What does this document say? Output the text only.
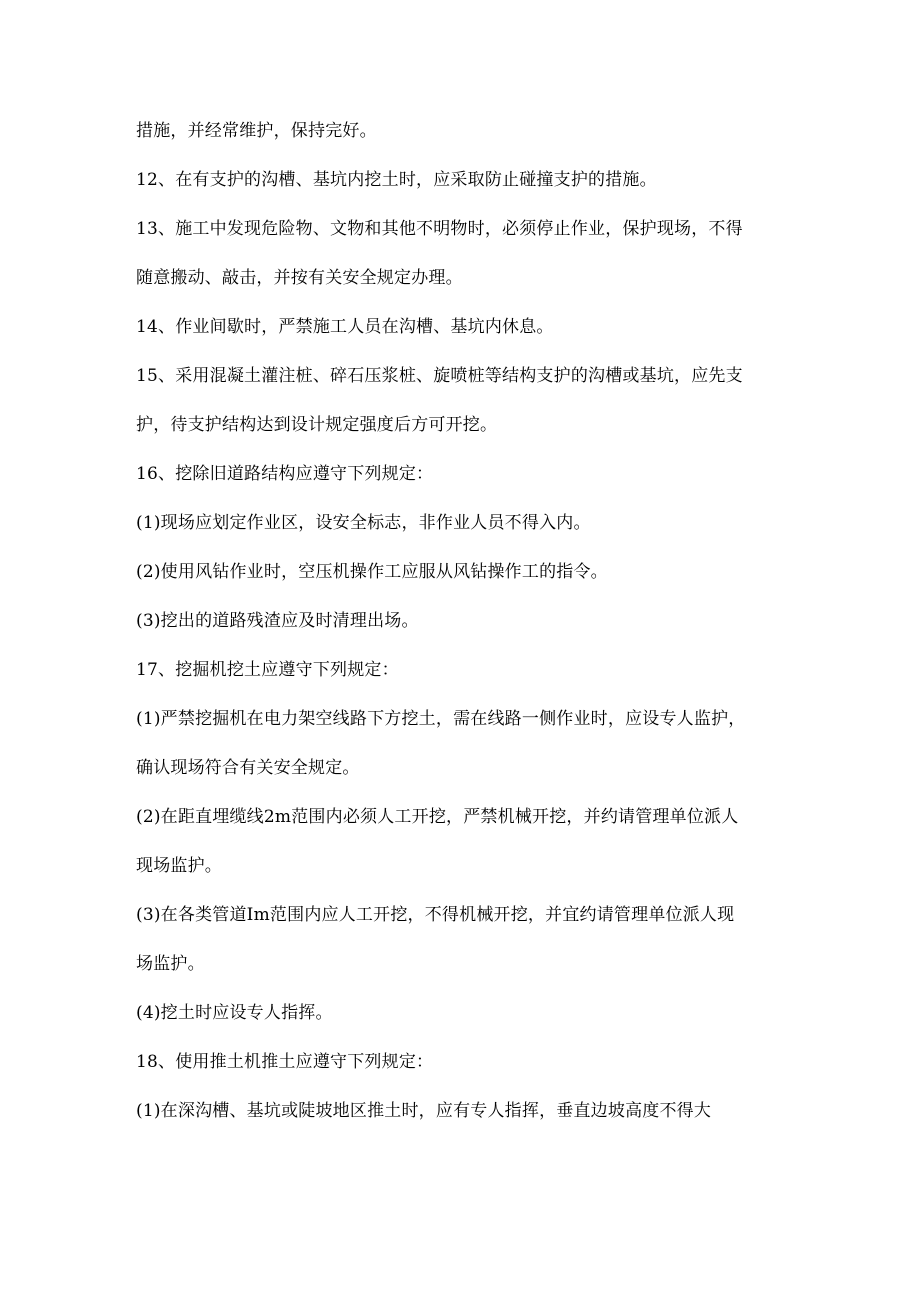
措施，并经常维护，保持完好。
12、在有支护的沟槽、基坑内挖土时，应采取防止碰撞支护的措施。
13、施工中发现危险物、文物和其他不明物时，必须停止作业，保护现场，不得
随意搬动、敲击，并按有关安全规定办理。
14、作业间歇时，严禁施工人员在沟槽、基坑内休息。
15、采用混凝土灌注桩、碎石压浆桩、旋喷桩等结构支护的沟槽或基坑，应先支
护，待支护结构达到设计规定强度后方可开挖。
16、挖除旧道路结构应遵守下列规定：
(1)现场应划定作业区，设安全标志，非作业人员不得入内。
(2)使用风钻作业时，空压机操作工应服从风钻操作工的指令。
(3)挖出的道路残渣应及时清理出场。
17、挖掘机挖土应遵守下列规定：
(1)严禁挖掘机在电力架空线路下方挖土，需在线路一侧作业时，应设专人监护，
确认现场符合有关安全规定。
(2)在距直埋缆线2m范围内必须人工开挖，严禁机械开挖，并约请管理单位派人
现场监护。
(3)在各类管道Im范围内应人工开挖，不得机械开挖，并宜约请管理单位派人现
场监护。
(4)挖土时应设专人指挥。
18、使用推土机推土应遵守下列规定：
(1)在深沟槽、基坑或陡坡地区推土时，应有专人指挥，垂直边坡高度不得大
